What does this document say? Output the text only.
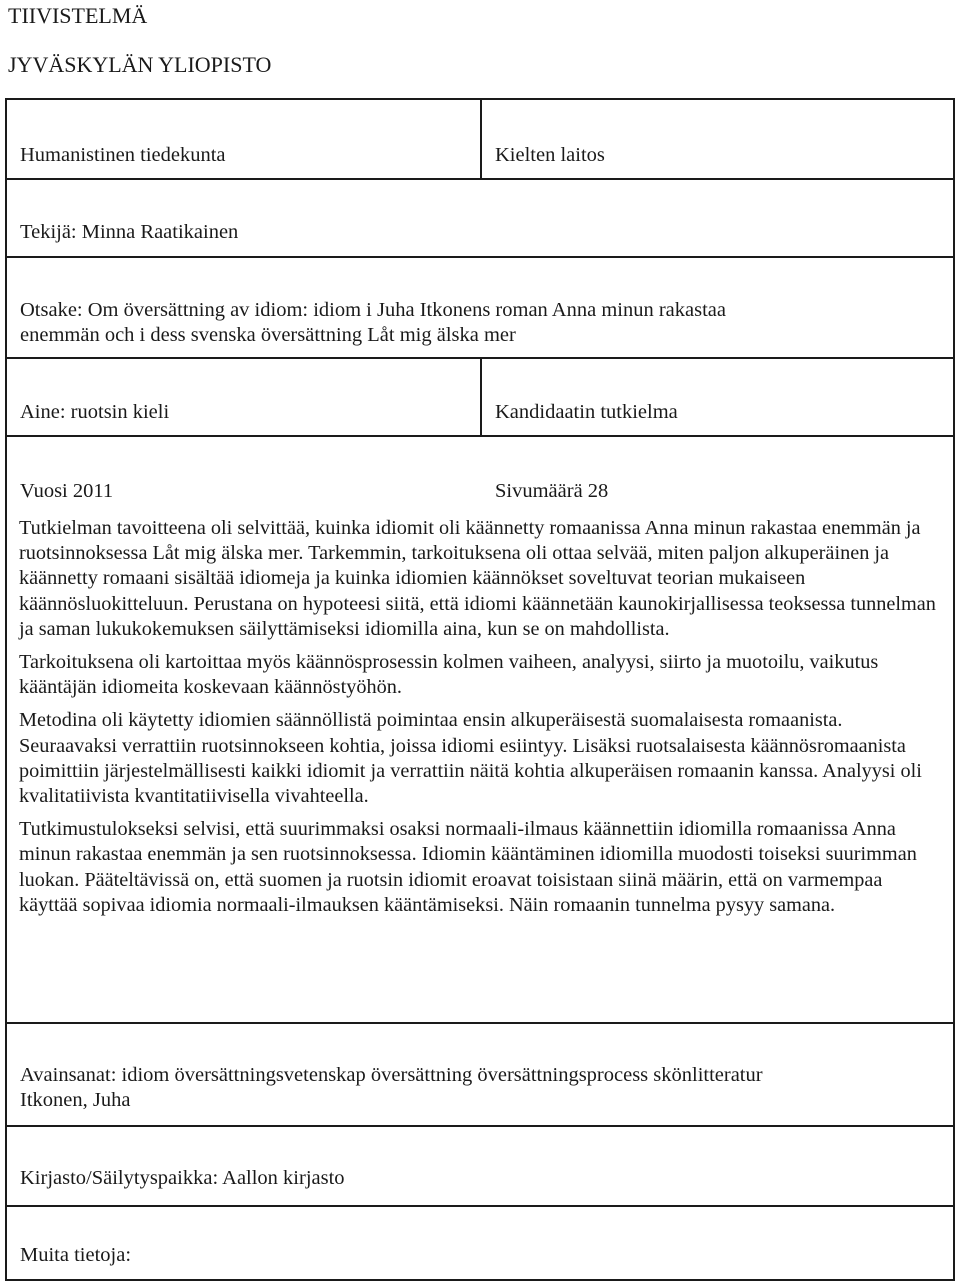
TIIVISTELMÄ
JYVÄSKYLÄN YLIOPISTO
Humanistinen tiedekunta	Kielten laitos
Tekijä: Minna Raatikainen
Otsake: Om översättning av idiom: idiom i Juha Itkonens roman Anna minun rakastaa
enemmän och i dess svenska översättning Låt mig älska mer
Aine: ruotsin kieli	Kandidaatin tutkielma
Vuosi 2011	Sivumäärä 28

Tutkielman tavoitteena oli selvittää, kuinka idiomit oli käännetty romaanissa Anna minun rakastaa enemmän ja ruotsinnoksessa Låt mig älska mer. Tarkemmin, tarkoituksena oli ottaa selvää, miten paljon alkuperäinen ja käännetty romaani sisältää idiomeja ja kuinka idiomien käännökset soveltuvat teorian mukaiseen käännösluokitteluun. Perustana on hypoteesi siitä, että idiomi käännetään kaunokirjallisessa teoksessa tunnelman ja saman lukukokemuksen säilyttämiseksi idiomilla aina, kun se on mahdollista.

Tarkoituksena oli kartoittaa myös käännösprosessin kolmen vaiheen, analyysi, siirto ja muotoilu, vaikutus kääntäjän idiomeita koskevaan käännöstyöhön.

Metodina oli käytetty idiomien säännöllistä poimintaa ensin alkuperäisestä suomalaisesta romaanista. Seuraavaksi verrattiin ruotsinnokseen kohtia, joissa idiomi esiintyy. Lisäksi ruotsalaisesta käännösromaanista poimittiin järjestelmällisesti kaikki idiomit ja verrattiin näitä kohtia alkuperäisen romaanin kanssa. Analyysi oli kvalitatiivista kvantitatiivisella vivahteella.

Tutkimustulokseksi selvisi, että suurimmaksi osaksi normaali-ilmaus käännettiin idiomilla romaanissa Anna minun rakastaa enemmän ja sen ruotsinnoksessa. Idiomin kääntäminen idiomilla muodosti toiseksi suurimman luokan. Pääteltävissä on, että suomen ja ruotsin idiomit eroavat toisistaan siinä määrin, että on varmempaa käyttää sopivaa idiomia normaali-ilmauksen kääntämiseksi. Näin romaanin tunnelma pysyy samana.

Avainsanat: idiom översättningsvetenskap översättning översättningsprocess skönlitteratur
Itkonen, Juha
Kirjasto/Säilytyspaikka: Aallon kirjasto
Muita tietoja:
